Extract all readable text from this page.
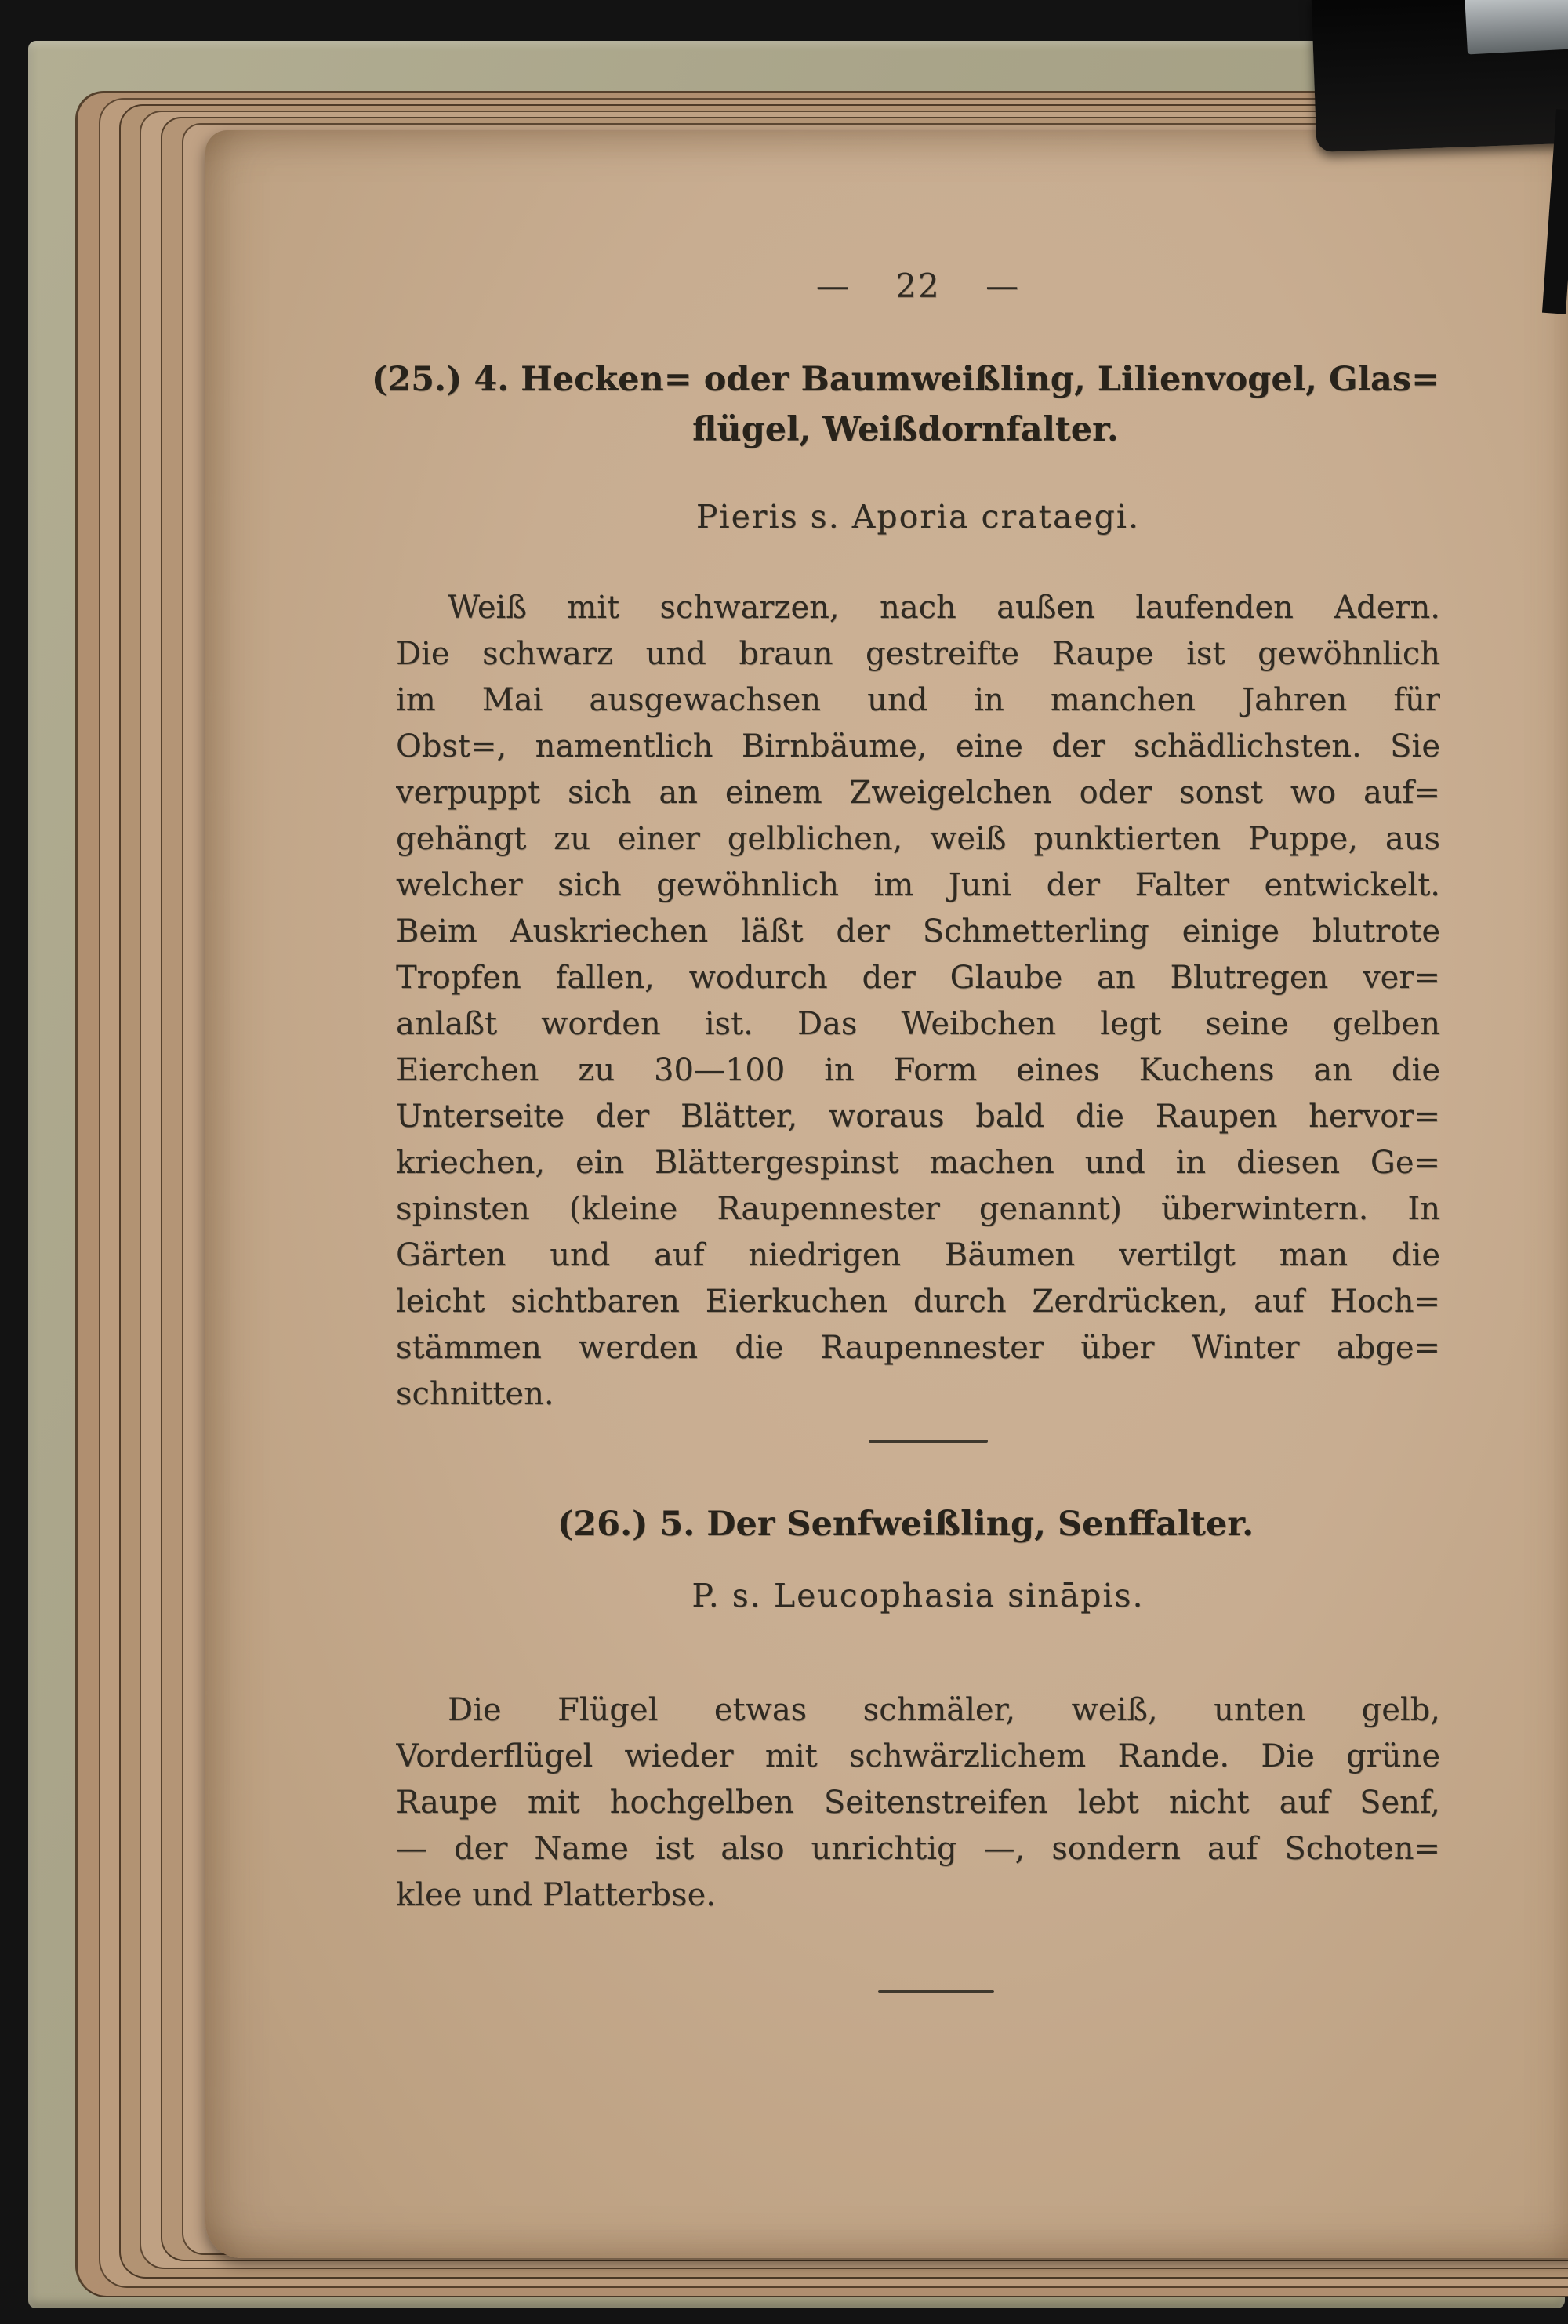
— 22 —
(25.) 4. Hecken= oder Baumweißling, Lilienvogel, Glas=
flügel, Weißdornfalter.
Pieris s. Aporia crataegi.
Weiß mit schwarzen, nach außen laufenden Adern.
Die schwarz und braun gestreifte Raupe ist gewöhnlich
im Mai ausgewachsen und in manchen Jahren für
Obst=, namentlich Birnbäume, eine der schädlichsten. Sie
verpuppt sich an einem Zweigelchen oder sonst wo auf=
gehängt zu einer gelblichen, weiß punktierten Puppe, aus
welcher sich gewöhnlich im Juni der Falter entwickelt.
Beim Auskriechen läßt der Schmetterling einige blutrote
Tropfen fallen, wodurch der Glaube an Blutregen ver=
anlaßt worden ist. Das Weibchen legt seine gelben
Eierchen zu 30—100 in Form eines Kuchens an die
Unterseite der Blätter, woraus bald die Raupen hervor=
kriechen, ein Blättergespinst machen und in diesen Ge=
spinsten (kleine Raupennester genannt) überwintern. In
Gärten und auf niedrigen Bäumen vertilgt man die
leicht sichtbaren Eierkuchen durch Zerdrücken, auf Hoch=
stämmen werden die Raupennester über Winter abge=
schnitten.
(26.) 5. Der Senfweißling, Senffalter.
P. s. Leucophasia sināpis.
Die Flügel etwas schmäler, weiß, unten gelb,
Vorderflügel wieder mit schwärzlichem Rande. Die grüne
Raupe mit hochgelben Seitenstreifen lebt nicht auf Senf,
— der Name ist also unrichtig —, sondern auf Schoten=
klee und Platterbse.
